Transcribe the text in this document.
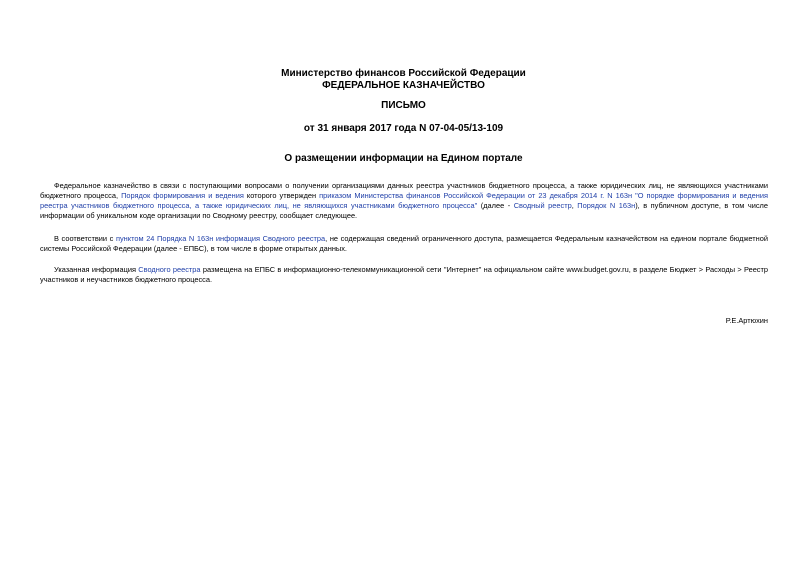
Министерство финансов Российской Федерации
ФЕДЕРАЛЬНОЕ КАЗНАЧЕЙСТВО
ПИСЬМО
от 31 января 2017 года N 07-04-05/13-109
О размещении информации на Едином портале

Федеральное казначейство в связи с поступающими вопросами о получении организациями данных реестра участников бюджетного процесса, а также юридических лиц, не являющихся участниками бюджетного процесса, Порядок формирования и ведения которого утвержден приказом Министерства финансов Российской Федерации от 23 декабря 2014 г. N 163н "О порядке формирования и ведения реестра участников бюджетного процесса, а также юридических лиц, не являющихся участниками бюджетного процесса" (далее - Сводный реестр, Порядок N 163н), в публичном доступе, в том числе информации об уникальном коде организации по Сводному реестру, сообщает следующее.

В соответствии с пунктом 24 Порядка N 163н информация Сводного реестра, не содержащая сведений ограниченного доступа, размещается Федеральным казначейством на едином портале бюджетной системы Российской Федерации (далее - ЕПБС), в том числе в форме открытых данных.

Указанная информация Сводного реестра размещена на ЕПБС в информационно-телекоммуникационной сети "Интернет" на официальном сайте www.budget.gov.ru, в разделе Бюджет > Расходы > Реестр участников и неучастников бюджетного процесса.

Р.Е.Артюхин
